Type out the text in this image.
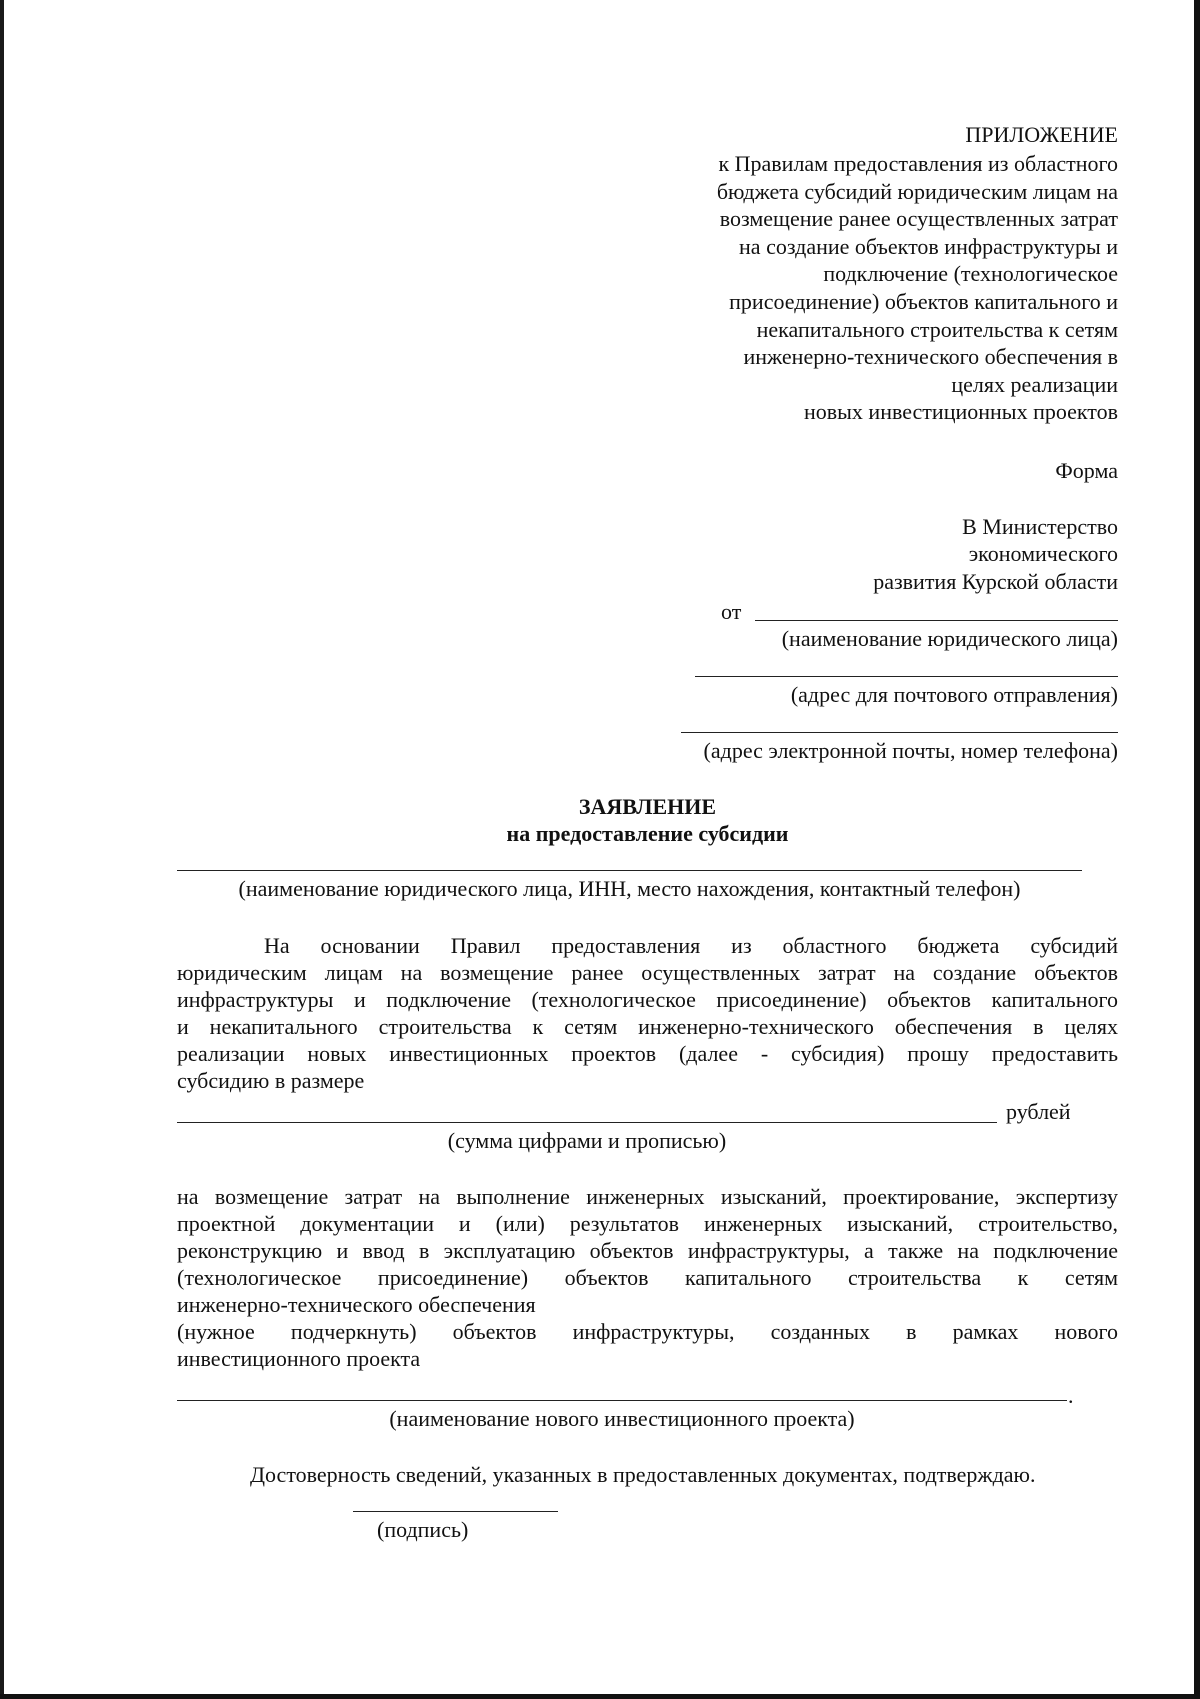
ПРИЛОЖЕНИЕ
к Правилам предоставления из областного
бюджета субсидий юридическим лицам на
возмещение ранее осуществленных затрат
на создание объектов инфраструктуры и
подключение (технологическое
присоединение) объектов капитального и
некапитального строительства к сетям
инженерно-технического обеспечения в
целях реализации
новых инвестиционных проектов
Форма
В Министерство
экономического
развития Курской области
от
(наименование юридического лица)
(адрес для почтового отправления)
(адрес электронной почты, номер телефона)
ЗАЯВЛЕНИЕ
на предоставление субсидии
(наименование юридического лица, ИНН, место нахождения, контактный телефон)
На основании Правил предоставления из областного бюджета субсидий
юридическим лицам на возмещение ранее осуществленных затрат на создание объектов
инфраструктуры и подключение (технологическое присоединение) объектов капитального
и некапитального строительства к сетям инженерно-технического обеспечения в целях
реализации новых инвестиционных проектов (далее - субсидия) прошу предоставить
субсидию в размере
рублей
(сумма цифрами и прописью)
на возмещение затрат на выполнение инженерных изысканий, проектирование, экспертизу
проектной документации и (или) результатов инженерных изысканий, строительство,
реконструкцию и ввод в эксплуатацию объектов инфраструктуры, а также на подключение
(технологическое присоединение) объектов капитального строительства к сетям
инженерно-технического обеспечения
(нужное подчеркнуть) объектов инфраструктуры, созданных в рамках нового
инвестиционного проекта
.
(наименование нового инвестиционного проекта)
Достоверность сведений, указанных в предоставленных документах, подтверждаю.
(подпись)
